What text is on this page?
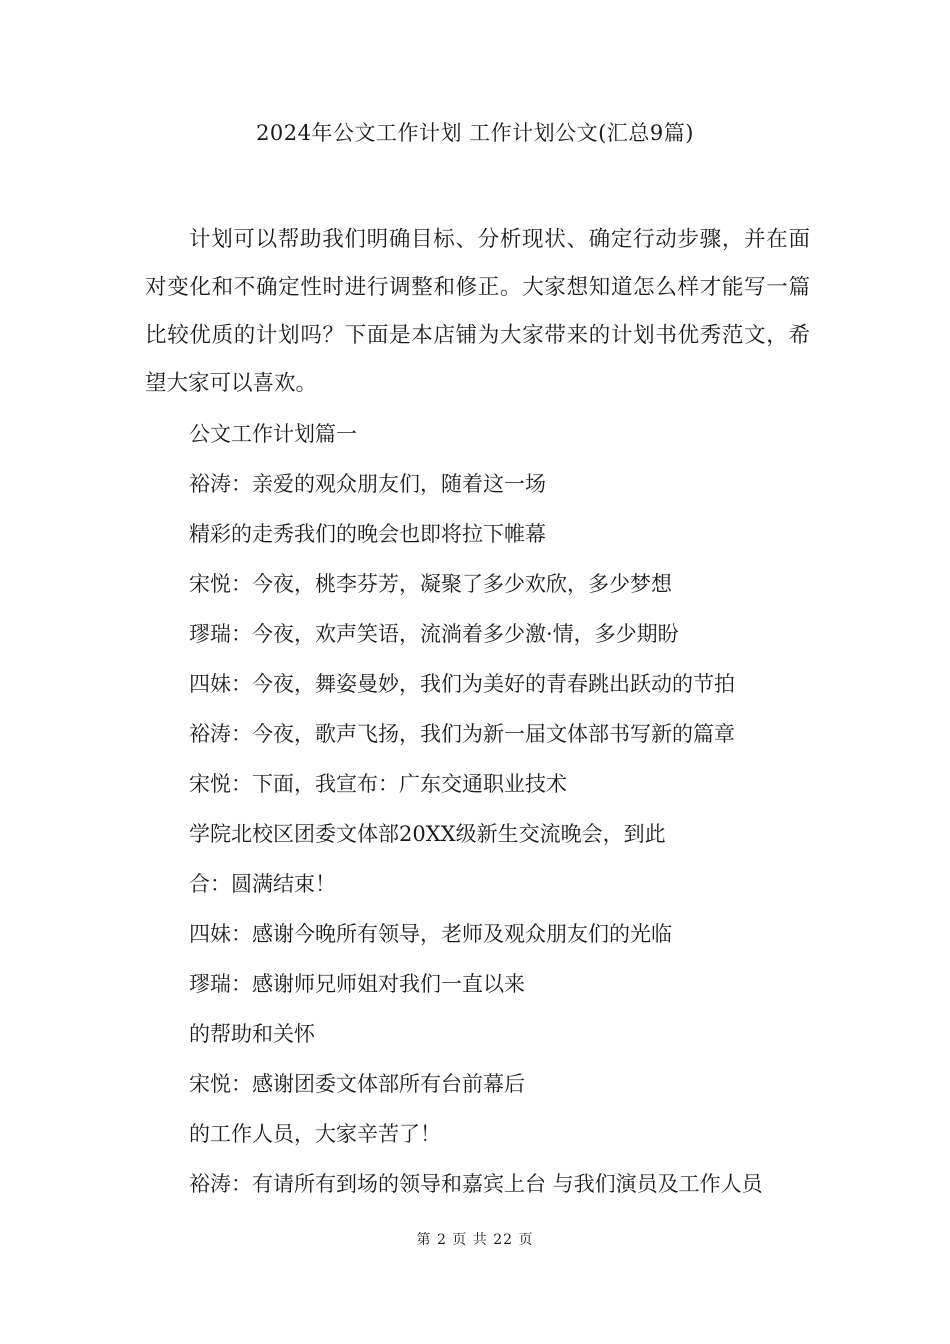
2024年公文工作计划 工作计划公文(汇总9篇)

计划可以帮助我们明确目标、分析现状、确定行动步骤，并在面对变化和不确定性时进行调整和修正。大家想知道怎么样才能写一篇比较优质的计划吗？下面是本店铺为大家带来的计划书优秀范文，希望大家可以喜欢。

公文工作计划篇一
裕涛：亲爱的观众朋友们，随着这一场
精彩的走秀我们的晚会也即将拉下帷幕
宋悦：今夜，桃李芬芳，凝聚了多少欢欣，多少梦想
璆瑞：今夜，欢声笑语，流淌着多少激·情，多少期盼
四妹：今夜，舞姿曼妙，我们为美好的青春跳出跃动的节拍
裕涛：今夜，歌声飞扬，我们为新一届文体部书写新的篇章
宋悦：下面，我宣布：广东交通职业技术
学院北校区团委文体部20XX级新生交流晚会，到此
合：圆满结束！
四妹：感谢今晚所有领导，老师及观众朋友们的光临
璆瑞：感谢师兄师姐对我们一直以来
的帮助和关怀
宋悦：感谢团委文体部所有台前幕后
的工作人员，大家辛苦了！
裕涛：有请所有到场的领导和嘉宾上台 与我们演员及工作人员
第 2 页 共 22 页
